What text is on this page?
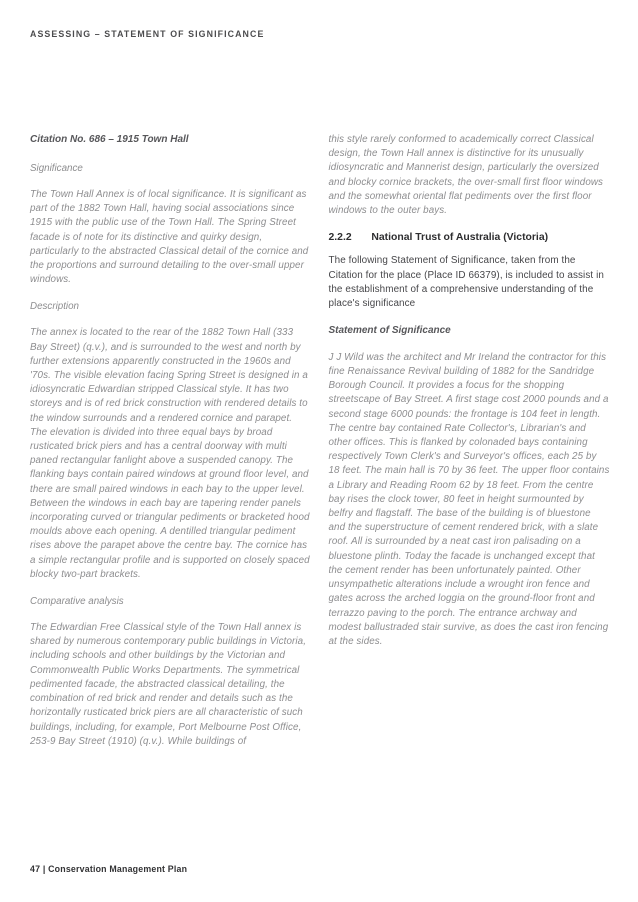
ASSESSING – STATEMENT OF SIGNIFICANCE

Citation No. 686 – 1915 Town Hall

Significance

The Town Hall Annex is of local significance. It is significant as part of the 1882 Town Hall, having social associations since 1915 with the public use of the Town Hall. The Spring Street facade is of note for its distinctive and quirky design, particularly to the abstracted Classical detail of the cornice and the proportions and surround detailing to the over-small upper windows.

Description

The annex is located to the rear of the 1882 Town Hall (333 Bay Street) (q.v.), and is surrounded to the west and north by further extensions apparently constructed in the 1960s and '70s. The visible elevation facing Spring Street is designed in a idiosyncratic Edwardian stripped Classical style. It has two storeys and is of red brick construction with rendered details to the window surrounds and a rendered cornice and parapet. The elevation is divided into three equal bays by broad rusticated brick piers and has a central doorway with multi paned rectangular fanlight above a suspended canopy. The flanking bays contain paired windows at ground floor level, and there are small paired windows in each bay to the upper level. Between the windows in each bay are tapering render panels incorporating curved or triangular pediments or bracketed hood moulds above each opening. A dentilled triangular pediment rises above the parapet above the centre bay. The cornice has a simple rectangular profile and is supported on closely spaced blocky two-part brackets.

Comparative analysis

The Edwardian Free Classical style of the Town Hall annex is shared by numerous contemporary public buildings in Victoria, including schools and other buildings by the Victorian and Commonwealth Public Works Departments. The symmetrical pedimented facade, the abstracted classical detailing, the combination of red brick and render and details such as the horizontally rusticated brick piers are all characteristic of such buildings, including, for example, Port Melbourne Post Office, 253-9 Bay Street (1910) (q.v.). While buildings of

this style rarely conformed to academically correct Classical design, the Town Hall annex is distinctive for its unusually idiosyncratic and Mannerist design, particularly the oversized and blocky cornice brackets, the over-small first floor windows and the somewhat oriental flat pediments over the first floor windows to the outer bays.

2.2.2 National Trust of Australia (Victoria)

The following Statement of Significance, taken from the Citation for the place (Place ID 66379), is included to assist in the establishment of a comprehensive understanding of the place's significance

Statement of Significance

J J Wild was the architect and Mr Ireland the contractor for this fine Renaissance Revival building of 1882 for the Sandridge Borough Council. It provides a focus for the shopping streetscape of Bay Street. A first stage cost 2000 pounds and a second stage 6000 pounds: the frontage is 104 feet in length. The centre bay contained Rate Collector's, Librarian's and other offices. This is flanked by colonaded bays containing respectively Town Clerk's and Surveyor's offices, each 25 by 18 feet. The main hall is 70 by 36 feet. The upper floor contains a Library and Reading Room 62 by 18 feet. From the centre bay rises the clock tower, 80 feet in height surmounted by belfry and flagstaff. The base of the building is of bluestone and the superstructure of cement rendered brick, with a slate roof. All is surrounded by a neat cast iron palisading on a bluestone plinth. Today the facade is unchanged except that the cement render has been unfortunately painted. Other unsympathetic alterations include a wrought iron fence and gates across the arched loggia on the ground-floor front and terrazzo paving to the porch. The entrance archway and modest ballustraded stair survive, as does the cast iron fencing at the sides.

47 | Conservation Management Plan
